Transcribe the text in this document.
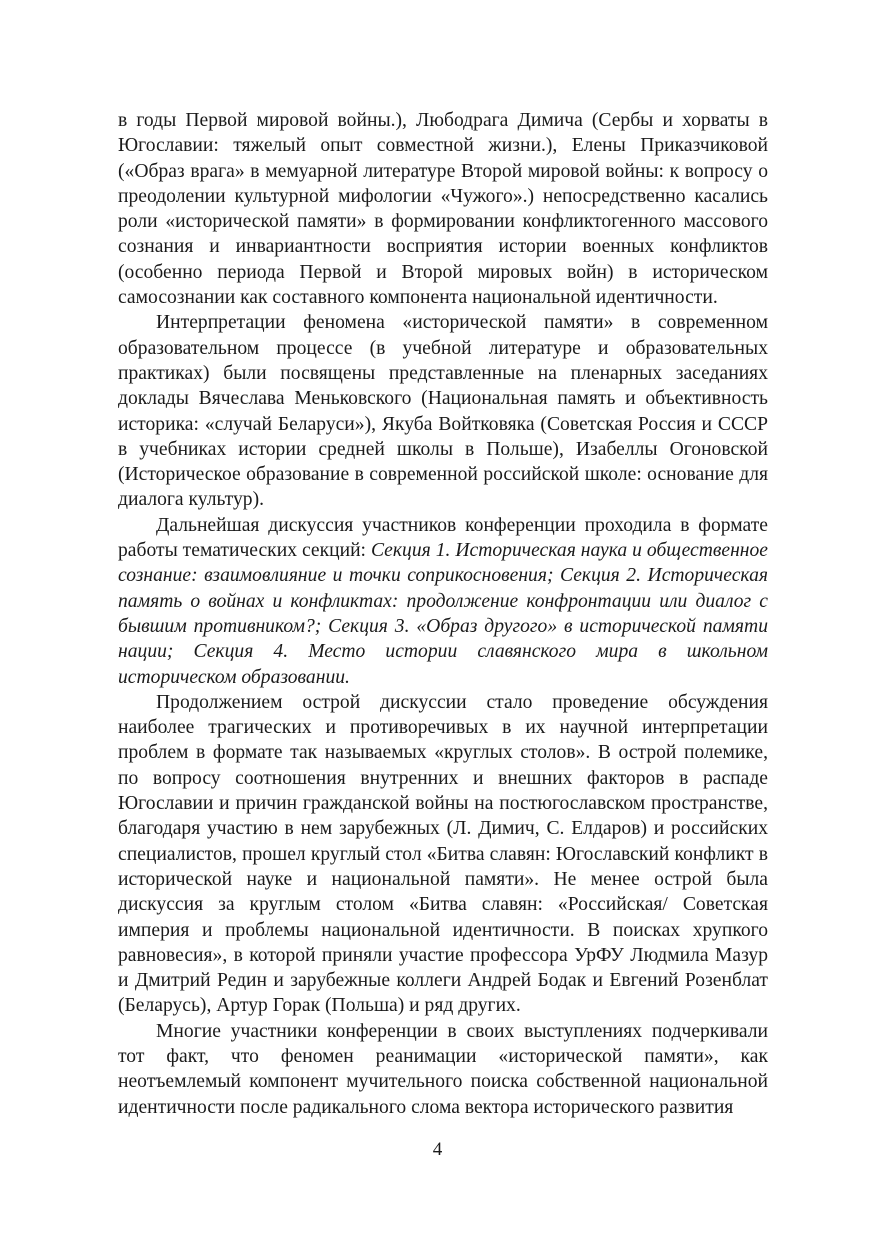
в годы Первой мировой войны.), Любодрага Димича (Сербы и хорваты в Югославии: тяжелый опыт совместной жизни.), Елены Приказчиковой («Образ врага» в мемуарной литературе Второй мировой войны: к вопросу о преодолении культурной мифологии «Чужого».) непосредственно касались роли «исторической памяти» в формировании конфликтогенного массового сознания и инвариантности восприятия истории военных конфликтов (особенно периода Первой и Второй мировых войн) в историческом самосознании как составного компонента национальной идентичности.

Интерпретации феномена «исторической памяти» в современном образовательном процессе (в учебной литературе и образовательных практиках) были посвящены представленные на пленарных заседаниях доклады Вячеслава Меньковского (Национальная память и объективность историка: «случай Беларуси»), Якуба Войтковяка (Советская Россия и СССР в учебниках истории средней школы в Польше), Изабеллы Огоновской (Историческое образование в современной российской школе: основание для диалога культур).

Дальнейшая дискуссия участников конференции проходила в формате работы тематических секций: Секция 1. Историческая наука и общественное сознание: взаимовлияние и точки соприкосновения; Секция 2. Историческая память о войнах и конфликтах: продолжение конфронтации или диалог с бывшим противником?; Секция 3. «Образ другого» в исторической памяти нации; Секция 4. Место истории славянского мира в школьном историческом образовании.

Продолжением острой дискуссии стало проведение обсуждения наиболее трагических и противоречивых в их научной интерпретации проблем в формате так называемых «круглых столов». В острой полемике, по вопросу соотношения внутренних и внешних факторов в распаде Югославии и причин гражданской войны на постюгославском пространстве, благодаря участию в нем зарубежных (Л. Димич, С. Елдаров) и российских специалистов, прошел круглый стол «Битва славян: Югославский конфликт в исторической науке и национальной памяти». Не менее острой была дискуссия за круглым столом «Битва славян: «Российская/ Советская империя и проблемы национальной идентичности. В поисках хрупкого равновесия», в которой приняли участие профессора УрФУ Людмила Мазур и Дмитрий Редин и зарубежные коллеги Андрей Бодак и Евгений Розенблат (Беларусь), Артур Горак (Польша) и ряд других.

Многие участники конференции в своих выступлениях подчеркивали тот факт, что феномен реанимации «исторической памяти», как неотъемлемый компонент мучительного поиска собственной национальной идентичности после радикального слома вектора исторического развития

4
